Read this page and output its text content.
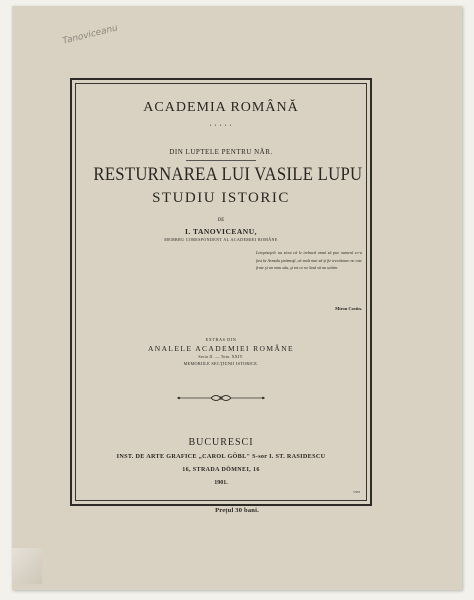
Tanoviceanu
ACADEMIA ROMÂNĂ
• • • • •
DIN LUPTELE PENTRU NĂR.
RESTURNAREA LUI VASILE LUPU
STUDIU ISTORIC
DE
I. TANOVICEANU,
MEMBRU CORESPONDENT AL ACADEMIEI ROMÂNE
Letopiseţele au zicut că le trebueâ omuî să pue oamenî ce-a fost la Armalu ştrămoşî, că mult mai să-ţi fie trecătoare ne este frate şi un omu său, şi tot ce ne lasă să nu uităm.
Miron Costin.
EXTRAS DIN
ANALELE ACADEMIEI ROMÂNE
Seria II. — Tom. XXIV.
MEMORIILE SECŢIUNII ISTORICE.
BUCURESCI
INST. DE ARTE GRAFICE „CAROL GÖBL" S-sor I. ST. RASIDESCU
16, STRADA DÖMNEI, 16
1901.
5308
Preţul 30 bani.
